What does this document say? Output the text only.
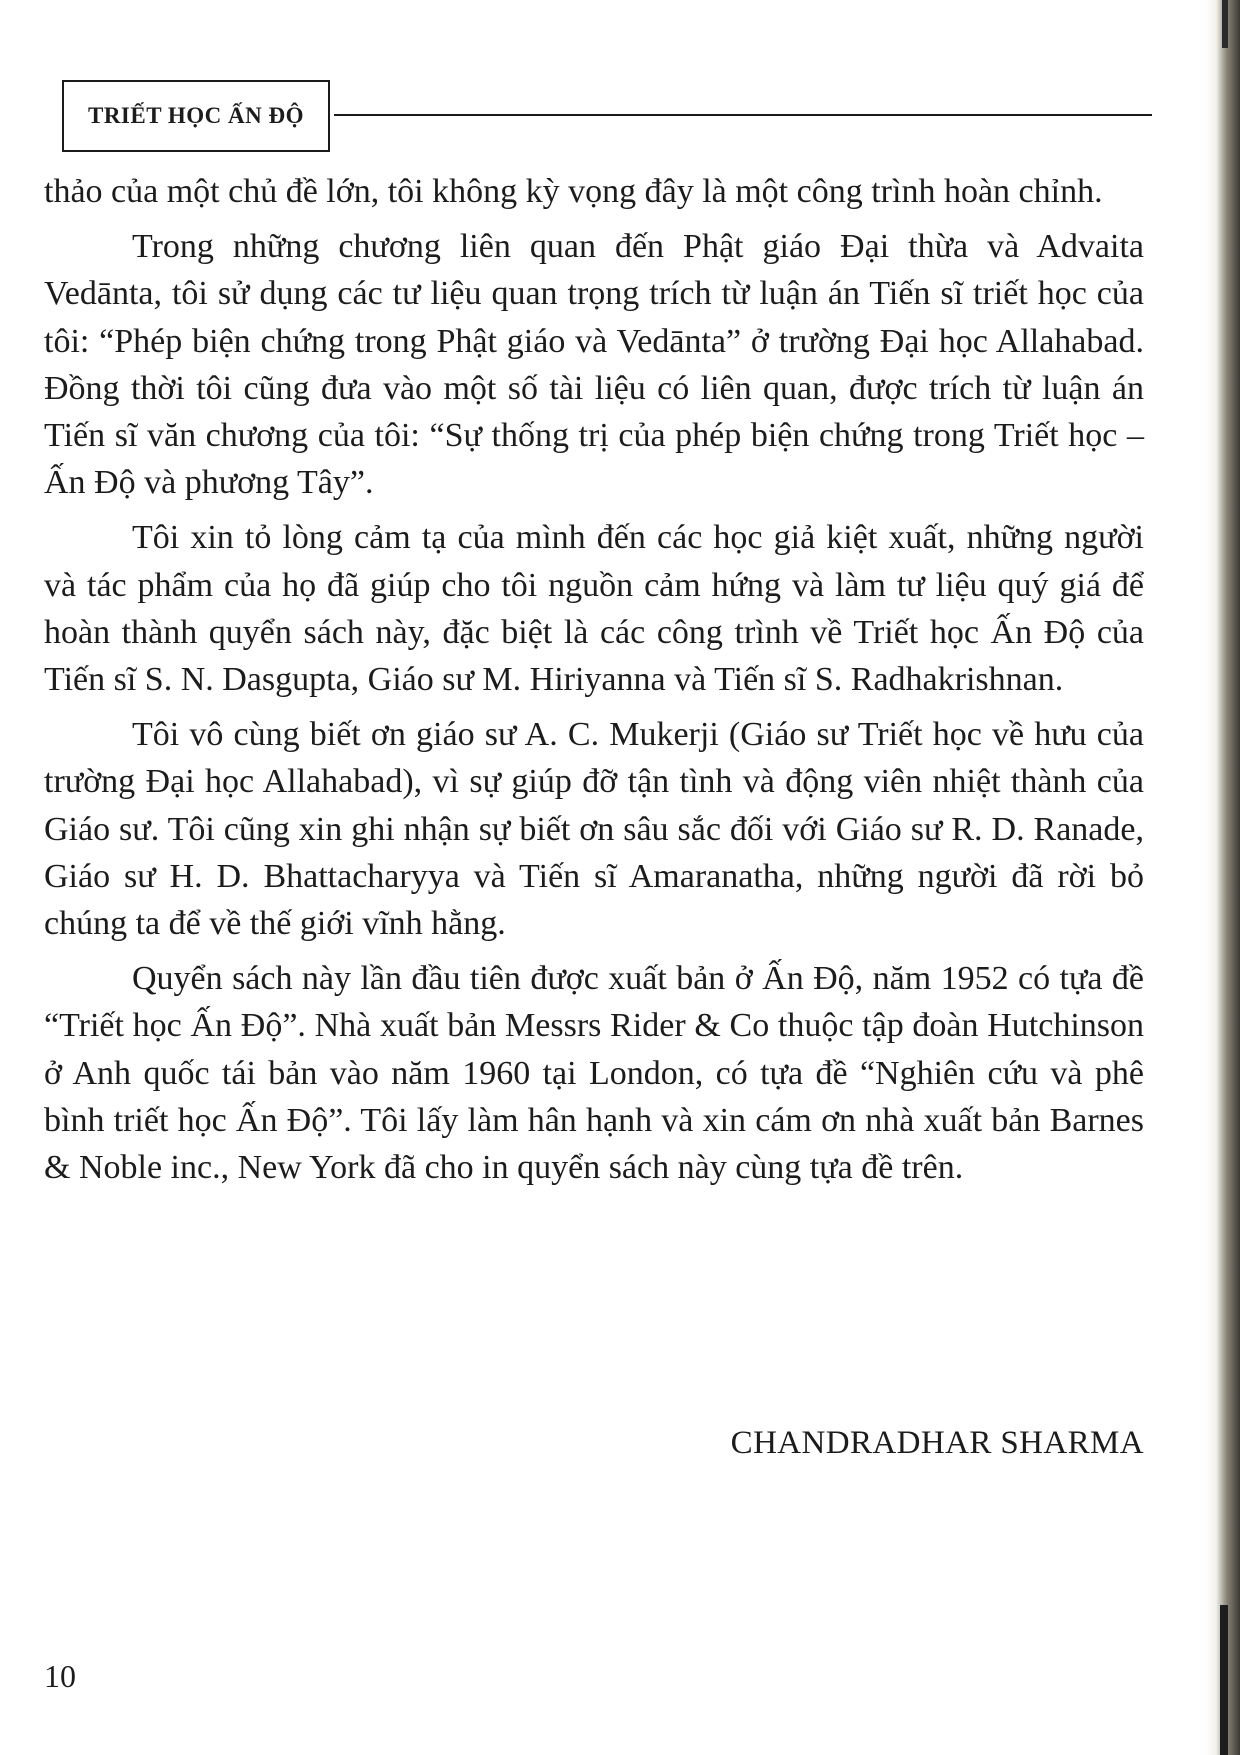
TRIẾT HỌC ẤN ĐỘ

thảo của một chủ đề lớn, tôi không kỳ vọng đây là một công trình hoàn chỉnh.

Trong những chương liên quan đến Phật giáo Đại thừa và Advaita Vedānta, tôi sử dụng các tư liệu quan trọng trích từ luận án Tiến sĩ triết học của tôi: “Phép biện chứng trong Phật giáo và Vedānta” ở trường Đại học Allahabad. Đồng thời tôi cũng đưa vào một số tài liệu có liên quan, được trích từ luận án Tiến sĩ văn chương của tôi: “Sự thống trị của phép biện chứng trong Triết học – Ấn Độ và phương Tây”.

Tôi xin tỏ lòng cảm tạ của mình đến các học giả kiệt xuất, những người và tác phẩm của họ đã giúp cho tôi nguồn cảm hứng và làm tư liệu quý giá để hoàn thành quyển sách này, đặc biệt là các công trình về Triết học Ấn Độ của Tiến sĩ S. N. Dasgupta, Giáo sư M. Hiriyanna và Tiến sĩ S. Radhakrishnan.

Tôi vô cùng biết ơn giáo sư A. C. Mukerji (Giáo sư Triết học về hưu của trường Đại học Allahabad), vì sự giúp đỡ tận tình và động viên nhiệt thành của Giáo sư. Tôi cũng xin ghi nhận sự biết ơn sâu sắc đối với Giáo sư R. D. Ranade, Giáo sư H. D. Bhattacharyya và Tiến sĩ Amaranatha, những người đã rời bỏ chúng ta để về thế giới vĩnh hằng.

Quyển sách này lần đầu tiên được xuất bản ở Ấn Độ, năm 1952 có tựa đề “Triết học Ấn Độ”. Nhà xuất bản Messrs Rider & Co thuộc tập đoàn Hutchinson ở Anh quốc tái bản vào năm 1960 tại London, có tựa đề “Nghiên cứu và phê bình triết học Ấn Độ”. Tôi lấy làm hân hạnh và xin cám ơn nhà xuất bản Barnes & Noble inc., New York đã cho in quyển sách này cùng tựa đề trên.

CHANDRADHAR SHARMA
10
